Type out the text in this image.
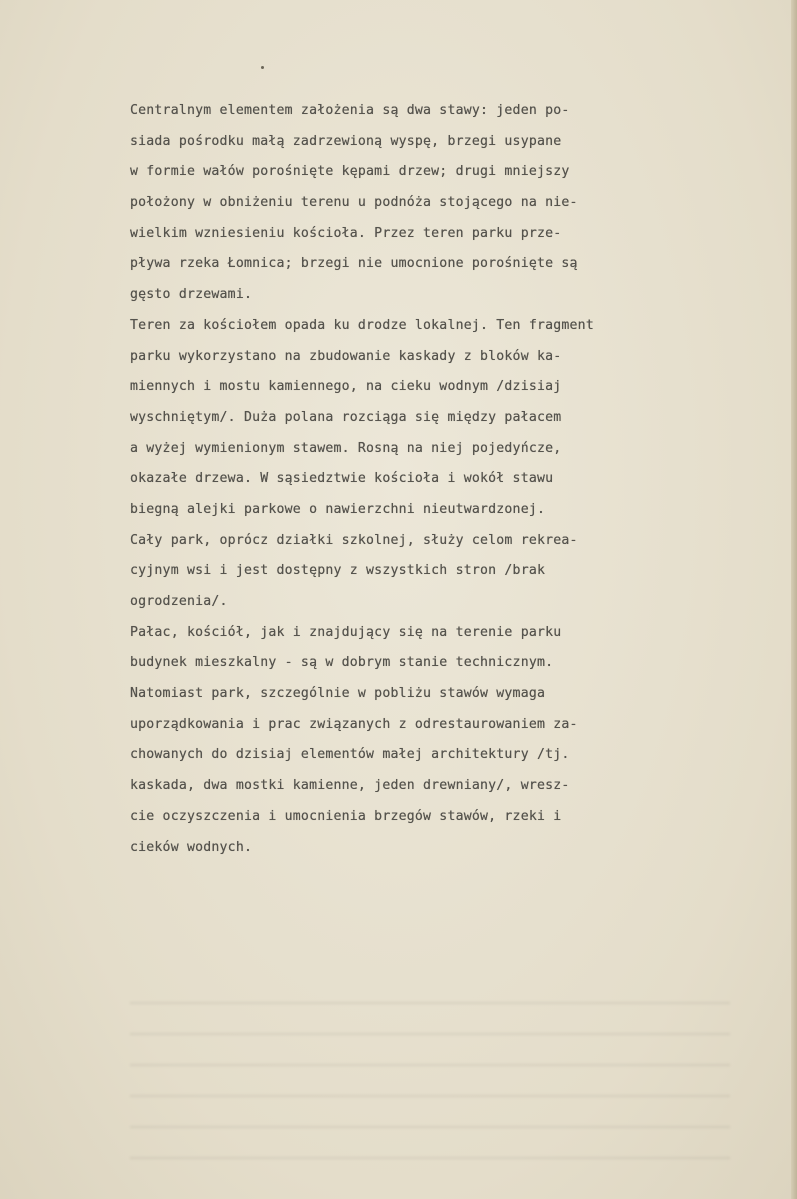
Centralnym elementem założenia są dwa stawy: jeden po-
siada pośrodku małą zadrzewioną wyspę, brzegi usypane
w formie wałów porośnięte kępami drzew; drugi mniejszy
położony w obniżeniu terenu u podnóża stojącego na nie-
wielkim wzniesieniu kościoła. Przez teren parku prze-
pływa rzeka Łomnica; brzegi nie umocnione porośnięte są
gęsto drzewami.
Teren za kościołem opada ku drodze lokalnej. Ten fragment
parku wykorzystano na zbudowanie kaskady z bloków ka-
miennych i mostu kamiennego, na cieku wodnym /dzisiaj
wyschniętym/. Duża polana rozciąga się między pałacem
a wyżej wymienionym stawem. Rosną na niej pojedyńcze,
okazałe drzewa. W sąsiedztwie kościoła i wokół stawu
biegną alejki parkowe o nawierzchni nieutwardzonej.
Cały park, oprócz działki szkolnej, służy celom rekrea-
cyjnym wsi i jest dostępny z wszystkich stron /brak
ogrodzenia/.
Pałac, kościół, jak i znajdujący się na terenie parku
budynek mieszkalny - są w dobrym stanie technicznym.
Natomiast park, szczególnie w pobliżu stawów wymaga
uporządkowania i prac związanych z odrestaurowaniem za-
chowanych do dzisiaj elementów małej architektury /tj.
kaskada, dwa mostki kamienne, jeden drewniany/, wresz-
cie oczyszczenia i umocnienia brzegów stawów, rzeki i
cieków wodnych.
